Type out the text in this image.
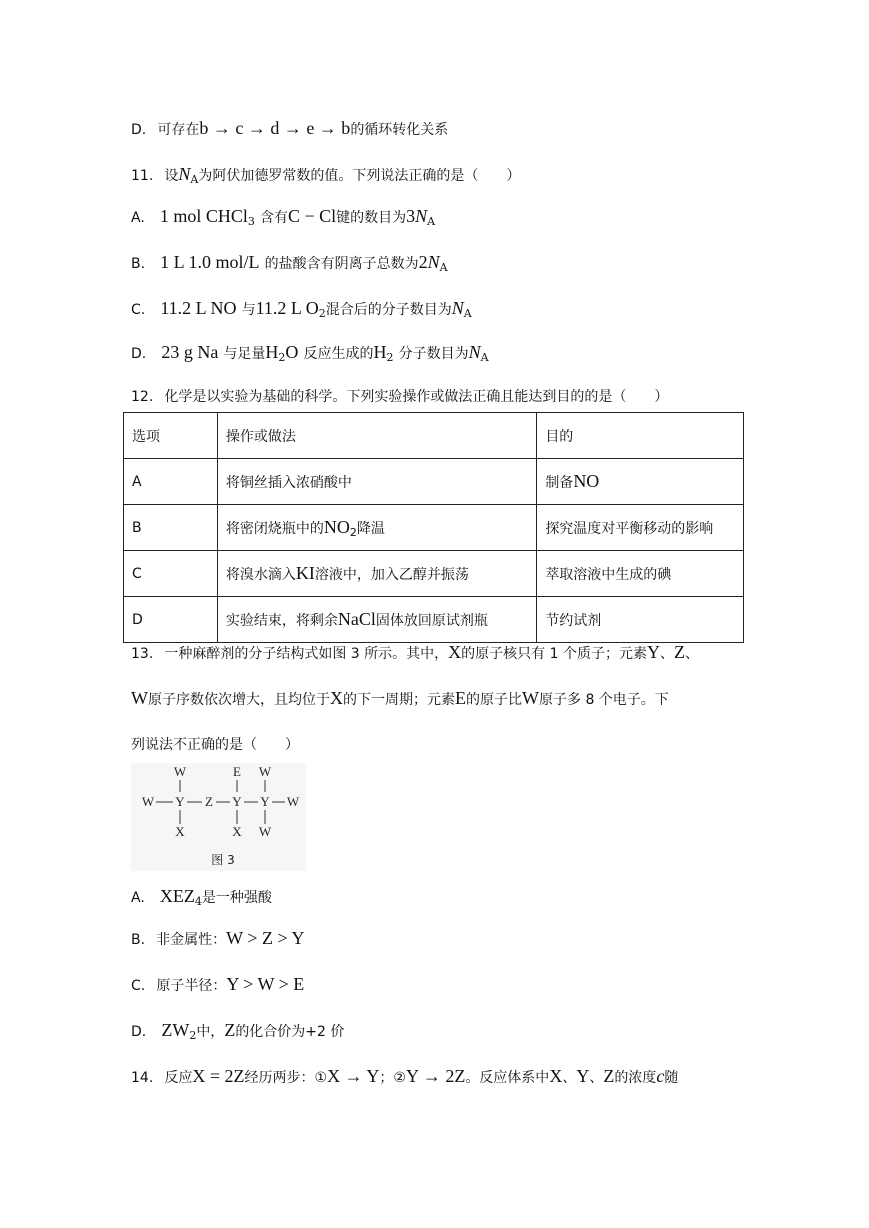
D. 可存在b → c → d → e → b的循环转化关系
11. 设$N_A$为阿伏加德罗常数的值。下列说法正确的是（　　）
A. 1 mol CHCl$_3$ 含有C − Cl键的数目为$3N_A$
B. 1 L 1.0 mol/L 的盐酸含有阴离子总数为$2N_A$
C. 11.2 L NO 与11.2 L $O_2$混合后的分子数目为$N_A$
D. 23 g Na 与足量$H_2O$ 反应生成的$H_2$ 分子数目为$N_A$
12. 化学是以实验为基础的科学。下列实验操作或做法正确且能达到目的的是（　　）
选项	操作或做法	目的
A	将铜丝插入浓硝酸中	制备NO
B	将密闭烧瓶中的$NO_2$降温	探究温度对平衡移动的影响
C	将溴水滴入KI溶液中，加入乙醇并振荡	萃取溶液中生成的碘
D	实验结束，将剩余NaCl固体放回原试剂瓶	节约试剂
13. 一种麻醉剂的分子结构式如图 3 所示。其中，X的原子核只有 1 个质子；元素Y、Z、
W原子序数依次增大，且均位于X的下一周期；元素E的原子比W原子多 8 个电子。下
列说法不正确的是（　　）
W	E W
W Y Z Y Y W
X	X W
图 3
A. $XEZ_4$是一种强酸
B. 非金属性：W > Z > Y
C. 原子半径：Y > W > E
D. $ZW_2$中，Z的化合价为+2 价
14. 反应X = 2Z经历两步：①X → Y；②Y → 2Z。反应体系中X、Y、Z的浓度c随
